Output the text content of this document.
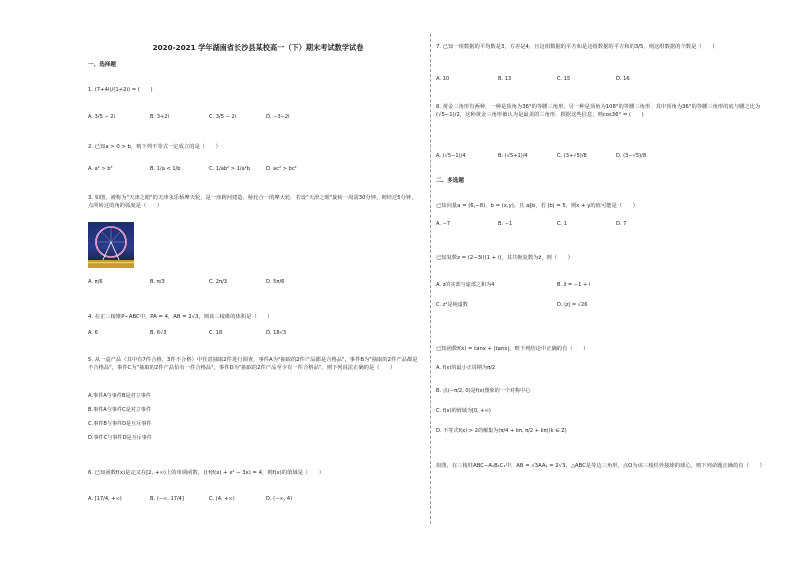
2020-2021 学年湖南省长沙县某校高一（下）期末考试数学试卷
一、选择题
1. (7+4i)/(1+2i) = (　　)
A. 3/5 − 2i	B. 3+2i	C. 3/5 − 2i	D. −3−2i
2. 已知a > 0 > b，则下列不等式一定成立的是（　　）
A. a² > b²	B. 1/a < 1/b	C. 1/ab² > 1/a²b	D. ac² > bc²
3. 如图，被称为"天津之眼"的天津永乐桥摩天轮，是一座跨河建造、桥轮合一的摩天轮．若设"天津之眼"旋转一周需30分钟，则经过5分钟，点所转过的角的弧度是（　　）
A. π/6	B. π/3	C. 2π/3	D. 5π/6
4. 在正三棱锥P−ABC中，PA = 4，AB = 2√3，则该三棱锥的体积是（　　）
A. 6	B. 6√3	C. 18	D. 18√3
5. 从一盒产品（其中有7件合格，3件不合格）中任意抽取2件进行调查，事件A为"抽取的2件产品都是合格品"，事件B为"抽取的2件产品都是不合格品"，事件C为"抽取的2件产品恰有一件合格品"，事件D为"抽取的2件产品至少有一件合格品"，则下列说法正确的是（　　）
A.事件A与事件B是对立事件
B.事件A与事件C是对立事件
C.事件B与事件D是互斥事件
D.事件C与事件D是互斥事件
6. 已知函数f(x)是定义在[2, +∞)上的单调函数，且f(f(x) + x² − 3x) = 4，则f(x)的值域是（　　）
A. [17/4, +∞)	B. (−∞, 17/4]	C. (4, +∞)	D. (−∞, 4)
7. 已知一组数据的平均数是3，方差是4，且这组数据的平方和是这组数据的平方和的3/5，则这组数据的个数是（　　）
A. 10	B. 13	C. 15	D. 16
8. 黄金三角形有两种，一种是顶角为36°的等腰三角形，另一种是顶角为108°的等腰三角形．其中顶角为36°的等腰三角形的底与腰之比为(√5−1)/2，这种黄金三角形被认为是最美的三角形．根据这些信息，则cos36° = (　　)
A. (√5−1)/4	B. (√5+1)/4	C. (3+√5)/8	D. (3−√5)/8
二、多选题
已知向量a = (6,−8)，b = (x,y)，且 a∥b，若 |b| = 5，则x + y的值可能是（　　）
A. −7	B. −1	C. 1	D. 7
已知复数z = (2−3i)(1 + i)，其共轭复数为z̄，则（　　）
A. z的实部与虚部之和为4	B. z̄ = −1 + i
C. z²是纯虚数	D. |z| = √26
已知函数f(x) = tanx + |tanx|，则下列结论中正确的有（　　）
A. f(x)的最小正周期为π/2
B. 点(−π/2, 0)是f(x)图象的一个对称中心
C. f(x)的值域为[0, +∞)
D. 不等式f(x) > 2的解集为(π/4 + kπ, π/2 + kπ)(k ∈ Z)
如图，在三棱柱ABC−A₁B₁C₁中，AB = √3AA₁ = 2√3，△ABC是等边三角形，点O为该三棱柱外接球的球心，则下列命题正确的有（　　）
